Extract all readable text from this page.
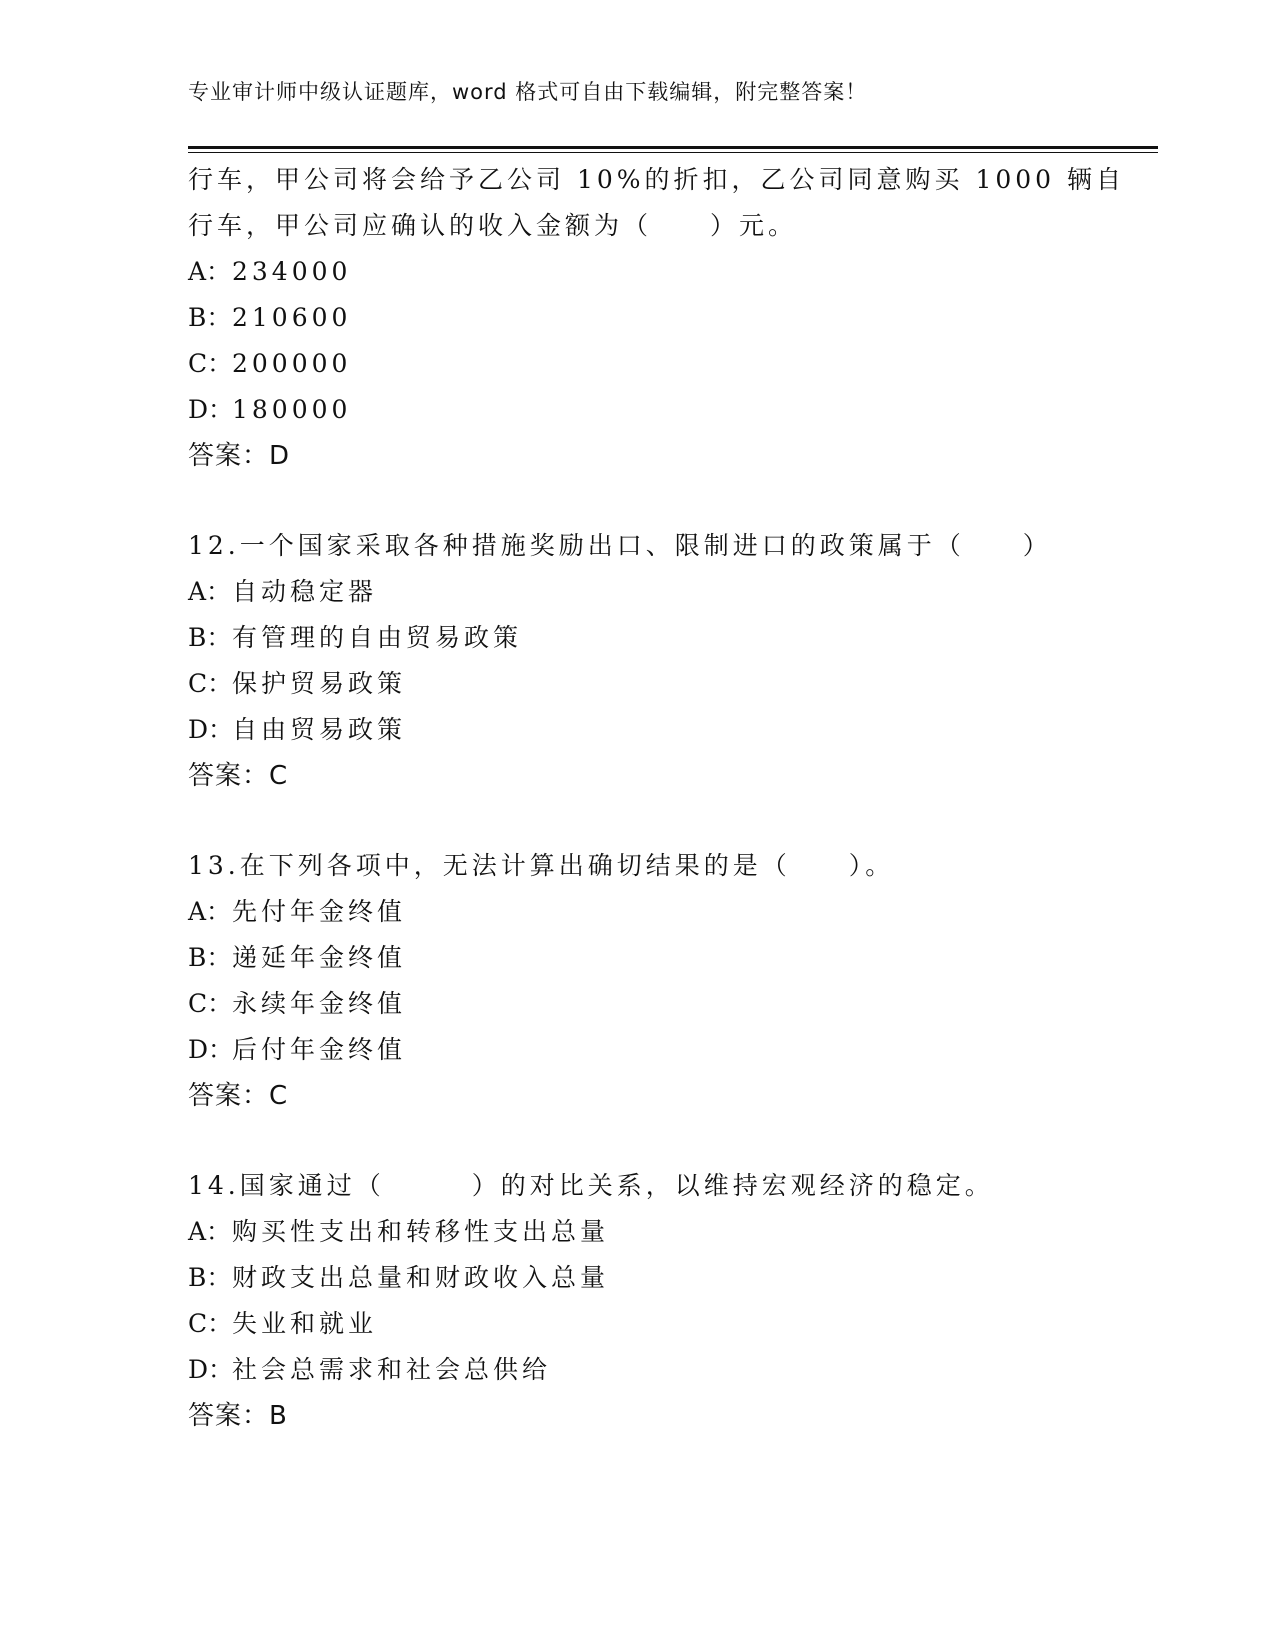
专业审计师中级认证题库，word 格式可自由下载编辑，附完整答案！
行车，甲公司将会给予乙公司 10%的折扣，乙公司同意购买 1000 辆自
行车，甲公司应确认的收入金额为（　　）元。
A：234000
B：210600
C：200000
D：180000
答案：D
12.一个国家采取各种措施奖励出口、限制进口的政策属于（　　）
A：自动稳定器
B：有管理的自由贸易政策
C：保护贸易政策
D：自由贸易政策
答案：C
13.在下列各项中，无法计算出确切结果的是（　　）。
A：先付年金终值
B：递延年金终值
C：永续年金终值
D：后付年金终值
答案：C
14.国家通过（　　　）的对比关系，以维持宏观经济的稳定。
A：购买性支出和转移性支出总量
B：财政支出总量和财政收入总量
C：失业和就业
D：社会总需求和社会总供给
答案：B
